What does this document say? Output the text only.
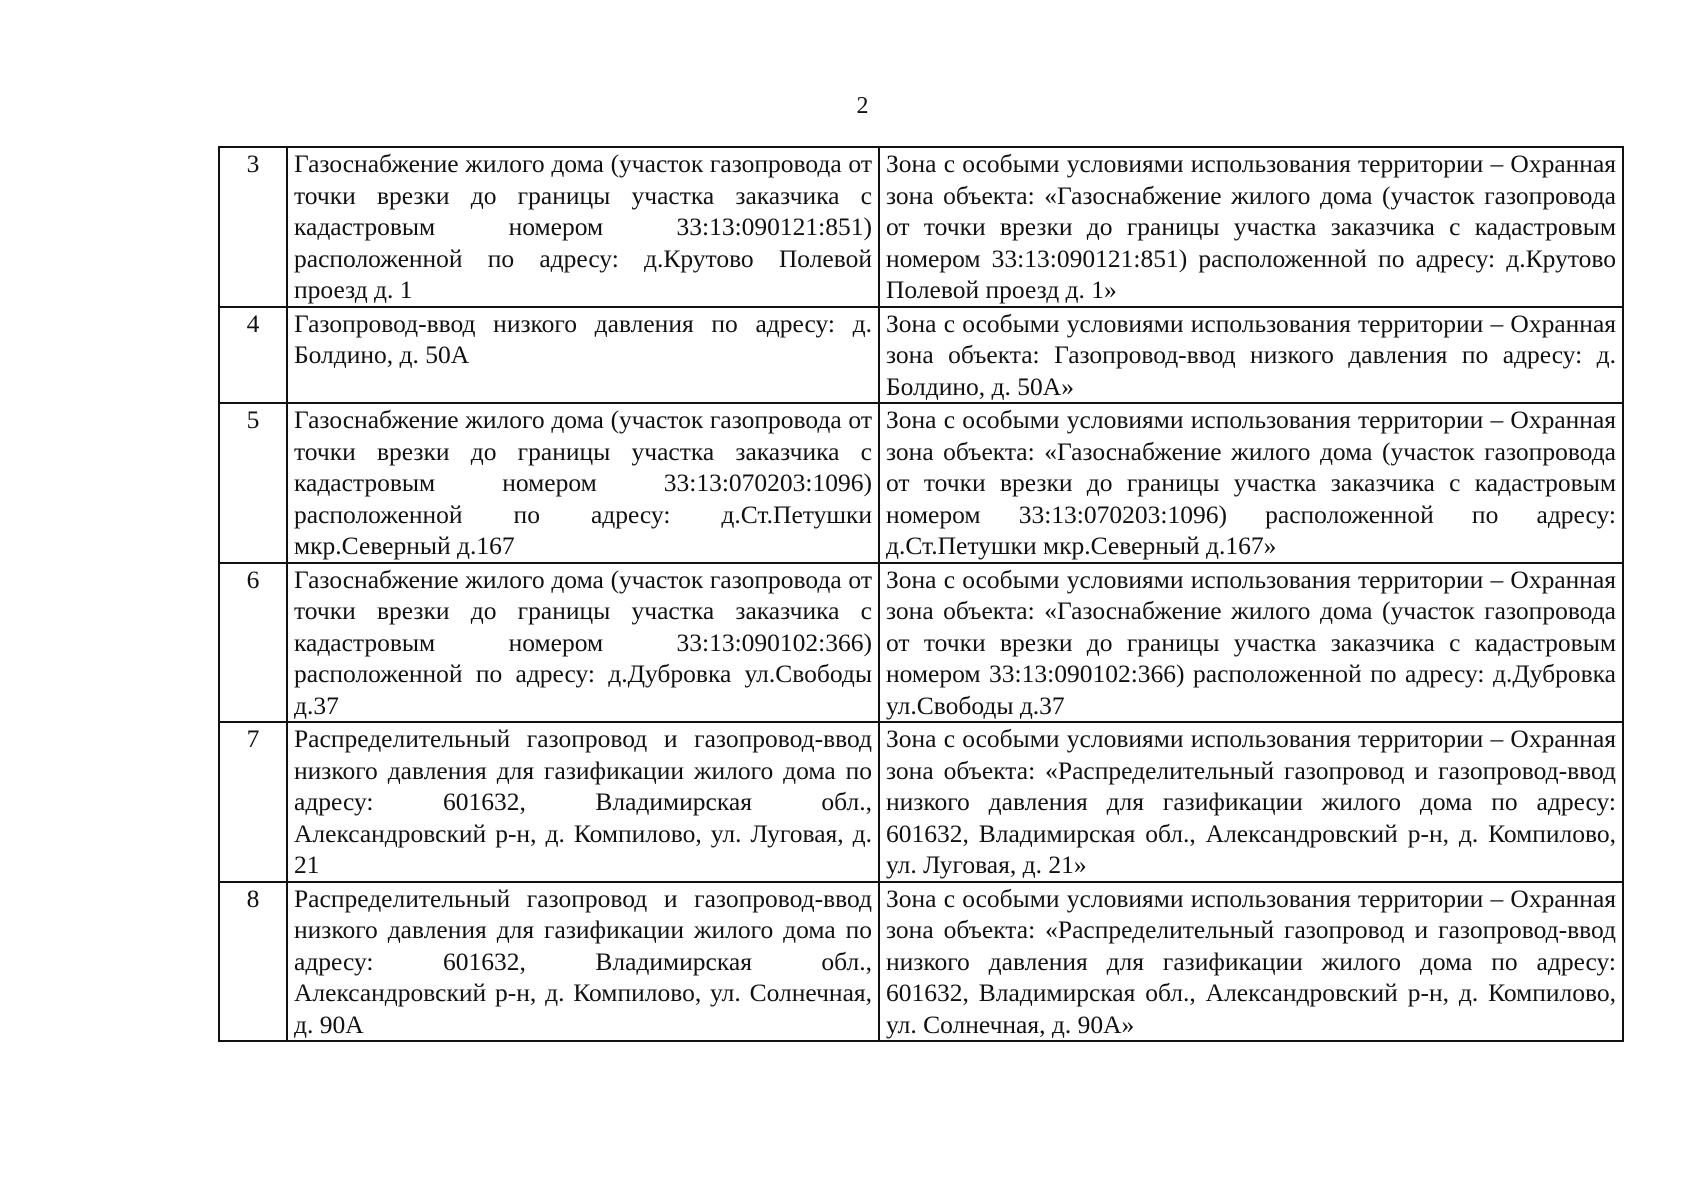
2
3	Газоснабжение жилого дома (участок газопровода от точки врезки до границы участка заказчика с кадастровым номером 33:13:090121:851) расположенной по адресу: д.Крутово Полевой проезд д. 1	Зона с особыми условиями использования территории – Охранная зона объекта: «Газоснабжение жилого дома (участок газопровода от точки врезки до границы участка заказчика с кадастровым номером 33:13:090121:851) расположенной по адресу: д.Крутово Полевой проезд д. 1»
4	Газопровод-ввод низкого давления по адресу: д. Болдино, д. 50А	Зона с особыми условиями использования территории – Охранная зона объекта: Газопровод-ввод низкого давления по адресу: д. Болдино, д. 50А»
5	Газоснабжение жилого дома (участок газопровода от точки врезки до границы участка заказчика с кадастровым номером 33:13:070203:1096) расположенной по адресу: д.Ст.Петушки мкр.Северный д.167	Зона с особыми условиями использования территории – Охранная зона объекта: «Газоснабжение жилого дома (участок газопровода от точки врезки до границы участка заказчика с кадастровым номером 33:13:070203:1096) расположенной по адресу: д.Ст.Петушки мкр.Северный д.167»
6	Газоснабжение жилого дома (участок газопровода от точки врезки до границы участка заказчика с кадастровым номером 33:13:090102:366) расположенной по адресу: д.Дубровка ул.Свободы д.37	Зона с особыми условиями использования территории – Охранная зона объекта: «Газоснабжение жилого дома (участок газопровода от точки врезки до границы участка заказчика с кадастровым номером 33:13:090102:366) расположенной по адресу: д.Дубровка ул.Свободы д.37
7	Распределительный газопровод и газопровод-ввод низкого давления для газификации жилого дома по адресу: 601632, Владимирская обл., Александровский р-н, д. Компилово, ул. Луговая, д. 21	Зона с особыми условиями использования территории – Охранная зона объекта: «Распределительный газопровод и газопровод-ввод низкого давления для газификации жилого дома по адресу: 601632, Владимирская обл., Александровский р-н, д. Компилово, ул. Луговая, д. 21»
8	Распределительный газопровод и газопровод-ввод низкого давления для газификации жилого дома по адресу: 601632, Владимирская обл., Александровский р-н, д. Компилово, ул. Солнечная, д. 90А	Зона с особыми условиями использования территории – Охранная зона объекта: «Распределительный газопровод и газопровод-ввод низкого давления для газификации жилого дома по адресу: 601632, Владимирская обл., Александровский р-н, д. Компилово, ул. Солнечная, д. 90А»
